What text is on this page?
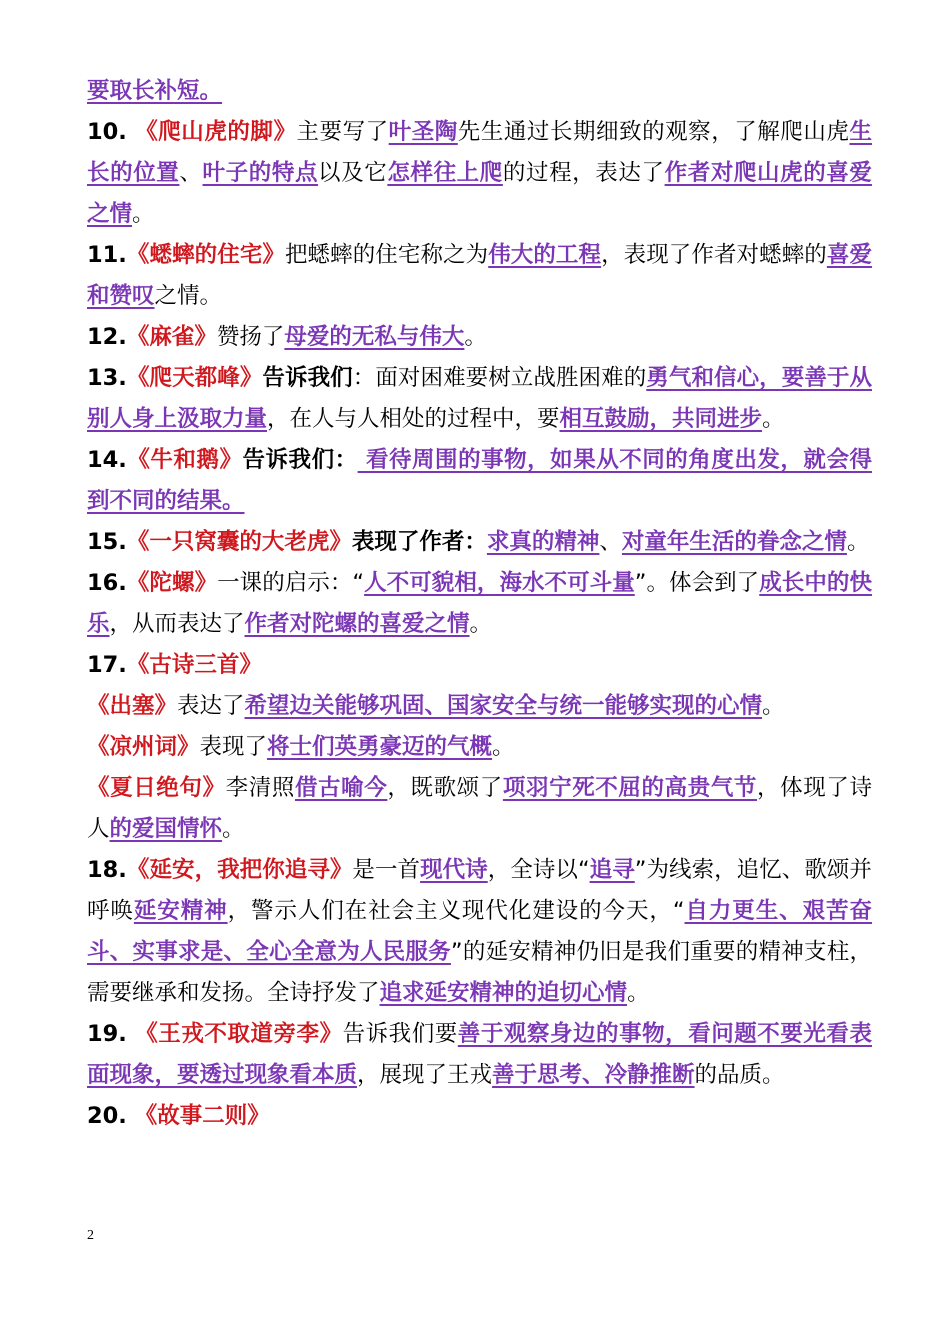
要取长补短。

10. 《爬山虎的脚》主要写了叶圣陶先生通过长期细致的观察，了解爬山虎生长的位置、叶子的特点以及它怎样往上爬的过程，表达了作者对爬山虎的喜爱之情。

11.《蟋蟀的住宅》把蟋蟀的住宅称之为伟大的工程，表现了作者对蟋蟀的喜爱和赞叹之情。

12.《麻雀》赞扬了母爱的无私与伟大。

13.《爬天都峰》告诉我们：面对困难要树立战胜困难的勇气和信心，要善于从别人身上汲取力量，在人与人相处的过程中，要相互鼓励，共同进步。

14.《牛和鹅》告诉我们： 看待周围的事物，如果从不同的角度出发，就会得到不同的结果。

15.《一只窝囊的大老虎》表现了作者：求真的精神、对童年生活的眷念之情。

16.《陀螺》一课的启示：“人不可貌相，海水不可斗量”。体会到了成长中的快乐，从而表达了作者对陀螺的喜爱之情。

17.《古诗三首》

《出塞》表达了希望边关能够巩固、国家安全与统一能够实现的心情。

《凉州词》表现了将士们英勇豪迈的气概。

《夏日绝句》李清照借古喻今，既歌颂了项羽宁死不屈的高贵气节，体现了诗人的爱国情怀。

18.《延安，我把你追寻》是一首现代诗，全诗以“追寻”为线索，追忆、歌颂并呼唤延安精神，警示人们在社会主义现代化建设的今天，“自力更生、艰苦奋斗、实事求是、全心全意为人民服务”的延安精神仍旧是我们重要的精神支柱，需要继承和发扬。全诗抒发了追求延安精神的迫切心情。

19. 《王戎不取道旁李》告诉我们要善于观察身边的事物，看问题不要光看表面现象，要透过现象看本质，展现了王戎善于思考、冷静推断的品质。

20. 《故事二则》

2
